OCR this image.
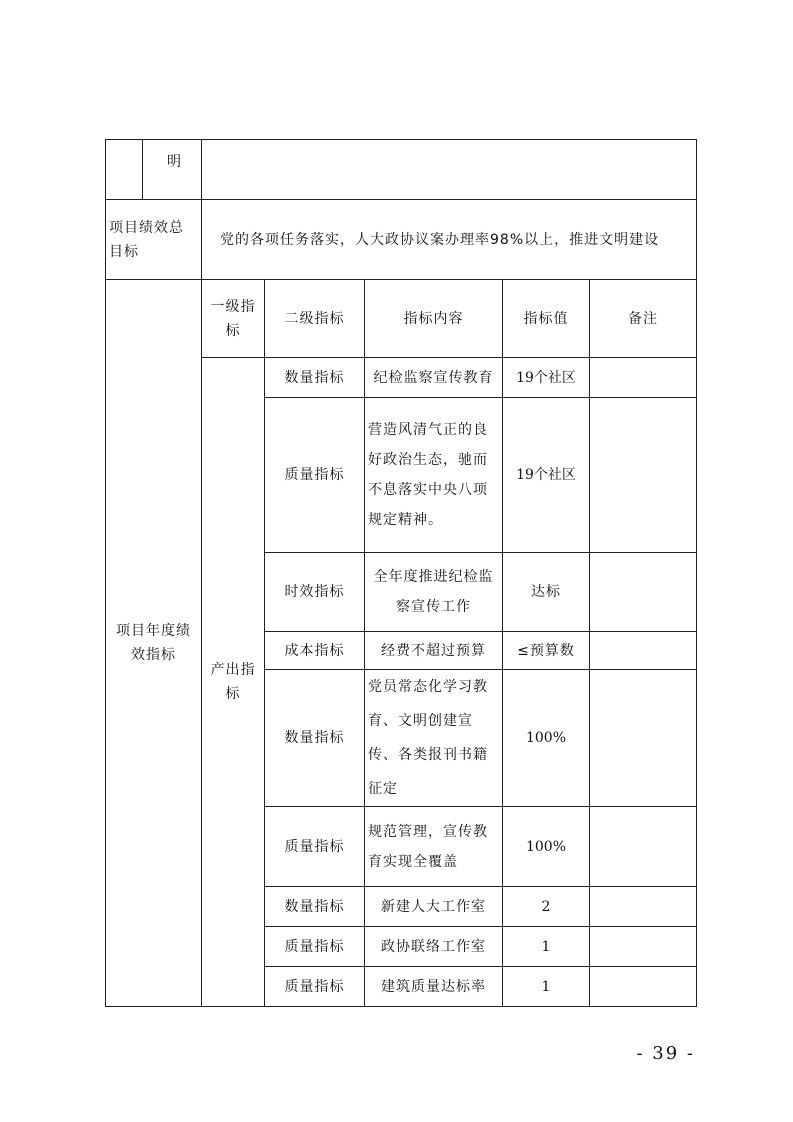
明					

项目绩效总目标	党的各项任务落实，人大政协议案办理率98%以上，推进文明建设				
项目年度绩效指标	一级指标	二级指标	指标内容	指标值	备注
	产出指标	数量指标	纪检监察宣传教育	19个社区	
		质量指标	营造风清气正的良好政治生态，驰而不息落实中央八项规定精神。	19个社区	
		时效指标	全年度推进纪检监察宣传工作	达标	
		成本指标	经费不超过预算	≤预算数	
		数量指标	党员常态化学习教育、文明创建宣传、各类报刊书籍征定	100%	
		质量指标	规范管理，宣传教育实现全覆盖	100%	
		数量指标	新建人大工作室	2	
		质量指标	政协联络工作室	1	
		质量指标	建筑质量达标率	1	
- 39 -
